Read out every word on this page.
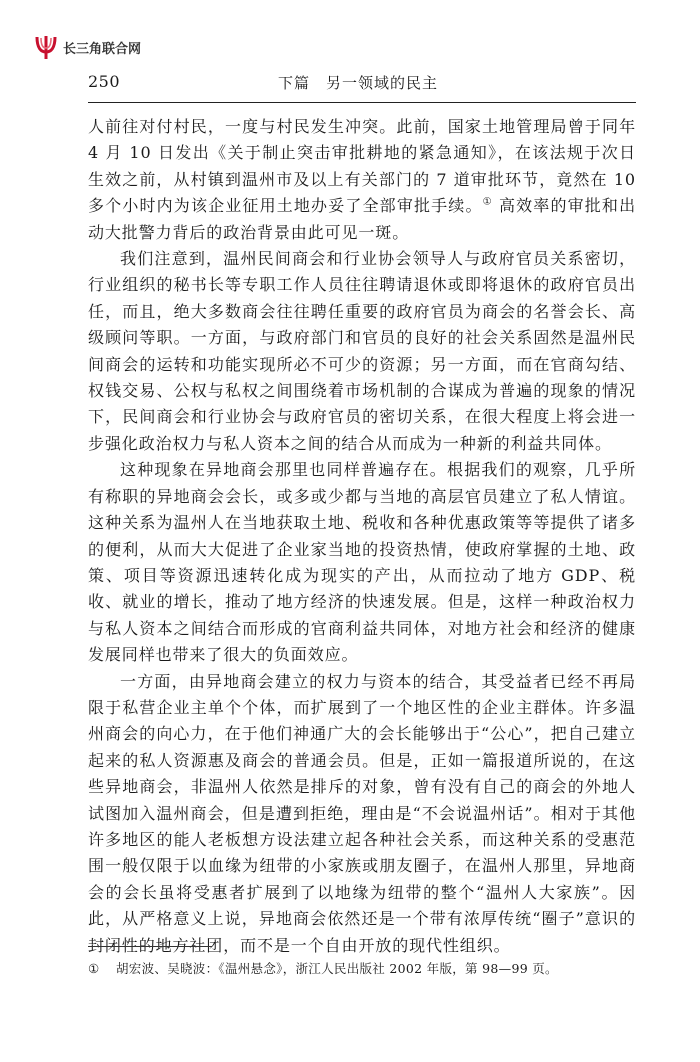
长三角联合网
250	下篇　另一领域的民主

人前往对付村民，一度与村民发生冲突。此前，国家土地管理局曾于同年 4 月 10 日发出《关于制止突击审批耕地的紧急通知》，在该法规于次日生效之前，从村镇到温州市及以上有关部门的 7 道审批环节，竟然在 10 多个小时内为该企业征用土地办妥了全部审批手续。① 高效率的审批和出动大批警力背后的政治背景由此可见一斑。

我们注意到，温州民间商会和行业协会领导人与政府官员关系密切，行业组织的秘书长等专职工作人员往往聘请退休或即将退休的政府官员出任，而且，绝大多数商会往往聘任重要的政府官员为商会的名誉会长、高级顾问等职。一方面，与政府部门和官员的良好的社会关系固然是温州民间商会的运转和功能实现所必不可少的资源；另一方面，而在官商勾结、权钱交易、公权与私权之间围绕着市场机制的合谋成为普遍的现象的情况下，民间商会和行业协会与政府官员的密切关系，在很大程度上将会进一步强化政治权力与私人资本之间的结合从而成为一种新的利益共同体。

这种现象在异地商会那里也同样普遍存在。根据我们的观察，几乎所有称职的异地商会会长，或多或少都与当地的高层官员建立了私人情谊。这种关系为温州人在当地获取土地、税收和各种优惠政策等等提供了诸多的便利，从而大大促进了企业家当地的投资热情，使政府掌握的土地、政策、项目等资源迅速转化成为现实的产出，从而拉动了地方 GDP、税收、就业的增长，推动了地方经济的快速发展。但是，这样一种政治权力与私人资本之间结合而形成的官商利益共同体，对地方社会和经济的健康发展同样也带来了很大的负面效应。

一方面，由异地商会建立的权力与资本的结合，其受益者已经不再局限于私营企业主单个个体，而扩展到了一个地区性的企业主群体。许多温州商会的向心力，在于他们神通广大的会长能够出于“公心”，把自己建立起来的私人资源惠及商会的普通会员。但是，正如一篇报道所说的，在这些异地商会，非温州人依然是排斥的对象，曾有没有自己的商会的外地人试图加入温州商会，但是遭到拒绝，理由是“不会说温州话”。相对于其他许多地区的能人老板想方设法建立起各种社会关系，而这种关系的受惠范围一般仅限于以血缘为纽带的小家族或朋友圈子，在温州人那里，异地商会的会长虽将受惠者扩展到了以地缘为纽带的整个“温州人大家族”。因此，从严格意义上说，异地商会依然还是一个带有浓厚传统“圈子”意识的封闭性的地方社团，而不是一个自由开放的现代性组织。

① 胡宏波、吴晓波：《温州悬念》，浙江人民出版社 2002 年版，第 98—99 页。
